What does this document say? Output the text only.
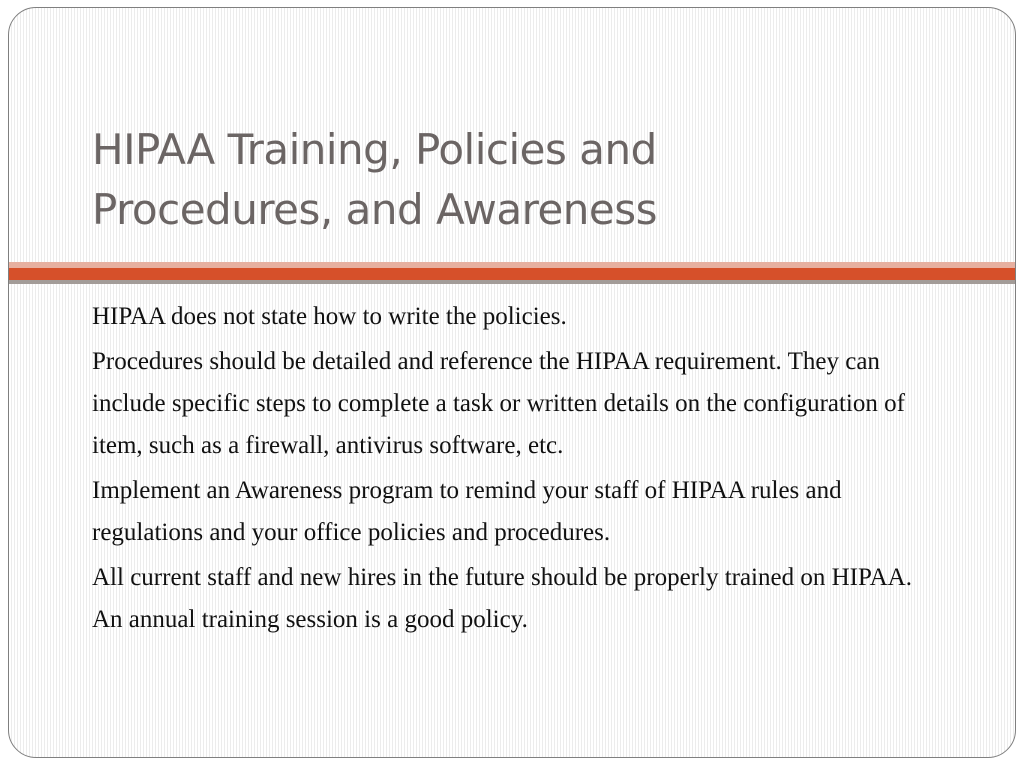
HIPAA Training, Policies and
Procedures, and Awareness

HIPAA does not state how to write the policies.

Procedures should be detailed and reference the HIPAA requirement. They can include specific steps to complete a task or written details on the configuration of item, such as a firewall, antivirus software, etc.

Implement an Awareness program to remind your staff of HIPAA rules and regulations and your office policies and procedures.

All current staff and new hires in the future should be properly trained on HIPAA. An annual training session is a good policy.
